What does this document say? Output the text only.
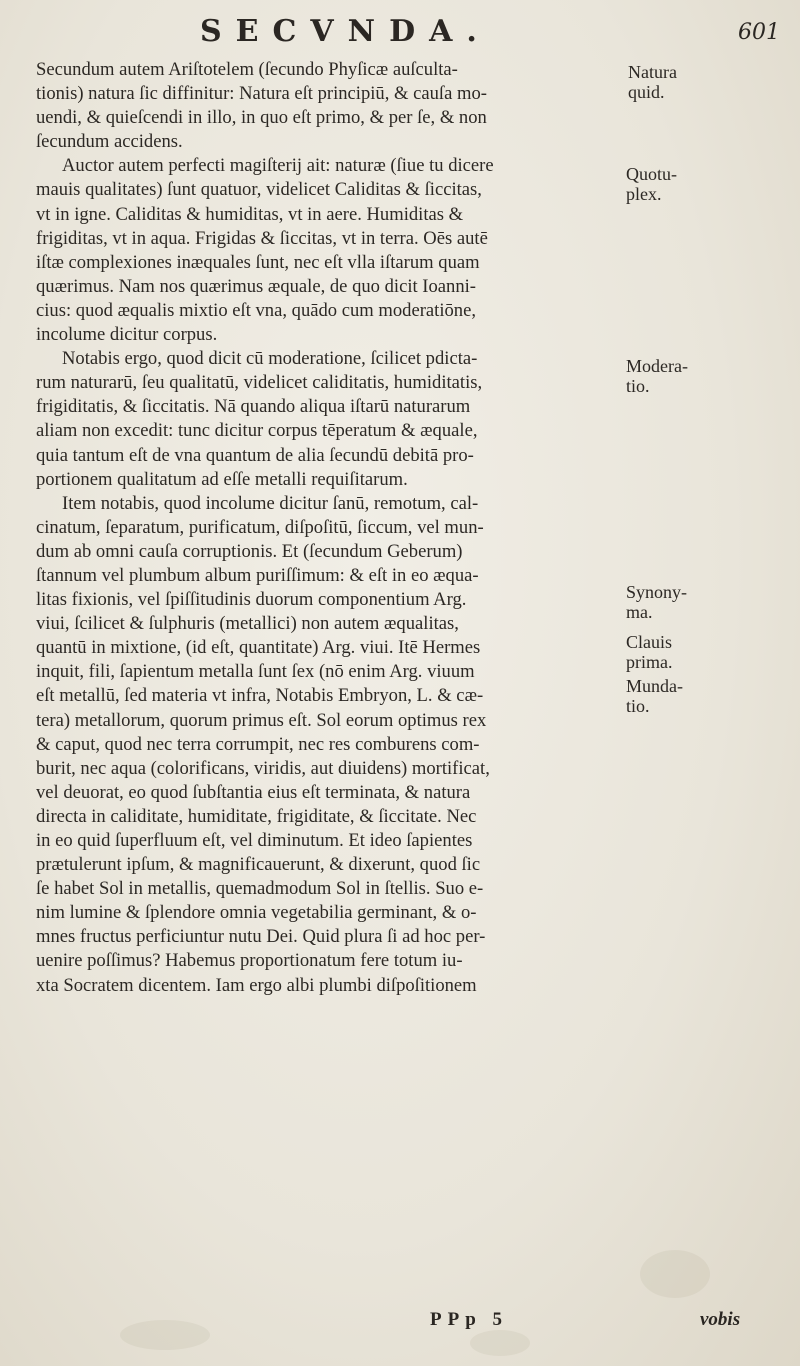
SECVNDA.	601
Secundum autem Ariſtotelem (ſecundo Phyſicæ auſculta-
tionis) natura ſic diffinitur: Natura eſt principiū, & cauſa mo-
uendi, & quieſcendi in illo, in quo eſt primo, & per ſe, & non
ſecundum accidens.
Auctor autem perfecti magiſterij ait: naturæ (ſiue tu dicere
mauis qualitates) ſunt quatuor, videlicet Caliditas & ſiccitas,
vt in igne. Caliditas & humiditas, vt in aere. Humiditas &
frigiditas, vt in aqua. Frigidas & ſiccitas, vt in terra. Oēs autē
iſtæ complexiones inæquales ſunt, nec eſt vlla iſtarum quam
quærimus. Nam nos quærimus æquale, de quo dicit Ioanni-
cius: quod æqualis mixtio eſt vna, quādo cum moderatiōne,
incolume dicitur corpus.
Notabis ergo, quod dicit cū moderatione, ſcilicet pdicta-
rum naturarū, ſeu qualitatū, videlicet caliditatis, humiditatis,
frigiditatis, & ſiccitatis. Nā quando aliqua iſtarū naturarum
aliam non excedit: tunc dicitur corpus tēperatum & æquale,
quia tantum eſt de vna quantum de alia ſecundū debitā pro-
portionem qualitatum ad eſſe metalli requiſitarum.
Item notabis, quod incolume dicitur ſanū, remotum, cal-
cinatum, ſeparatum, purificatum, diſpoſitū, ſiccum, vel mun-
dum ab omni cauſa corruptionis. Et (ſecundum Geberum)
ſtannum vel plumbum album puriſſimum: & eſt in eo æqua-
litas fixionis, vel ſpiſſitudinis duorum componentium Arg.
viui, ſcilicet & ſulphuris (metallici) non autem æqualitas,
quantū in mixtione, (id eſt, quantitate) Arg. viui. Itē Hermes
inquit, fili, ſapientum metalla ſunt ſex (nō enim Arg. viuum
eſt metallū, ſed materia vt infra, Notabis Embryon, L. & cæ-
tera) metallorum, quorum primus eſt. Sol eorum optimus rex
& caput, quod nec terra corrumpit, nec res comburens com-
burit, nec aqua (colorificans, viridis, aut diuidens) mortificat,
vel deuorat, eo quod ſubſtantia eius eſt terminata, & natura
directa in caliditate, humiditate, frigiditate, & ſiccitate. Nec
in eo quid ſuperfluum eſt, vel diminutum. Et ideo ſapientes
prætulerunt ipſum, & magnificauerunt, & dixerunt, quod ſic
ſe habet Sol in metallis, quemadmodum Sol in ſtellis. Suo e-
nim lumine & ſplendore omnia vegetabilia germinant, & o-
mnes fructus perficiuntur nutu Dei. Quid plura ſi ad hoc per-
uenire poſſimus? Habemus proportionatum fere totum iu-
xta Socratem dicentem. Iam ergo albi plumbi diſpoſitionem
Natura
quid.
Quotu-
plex.
Modera-
tio.
Synony-
ma.
Clauis
prima.
Munda-
tio.
PPp 5	vobis
